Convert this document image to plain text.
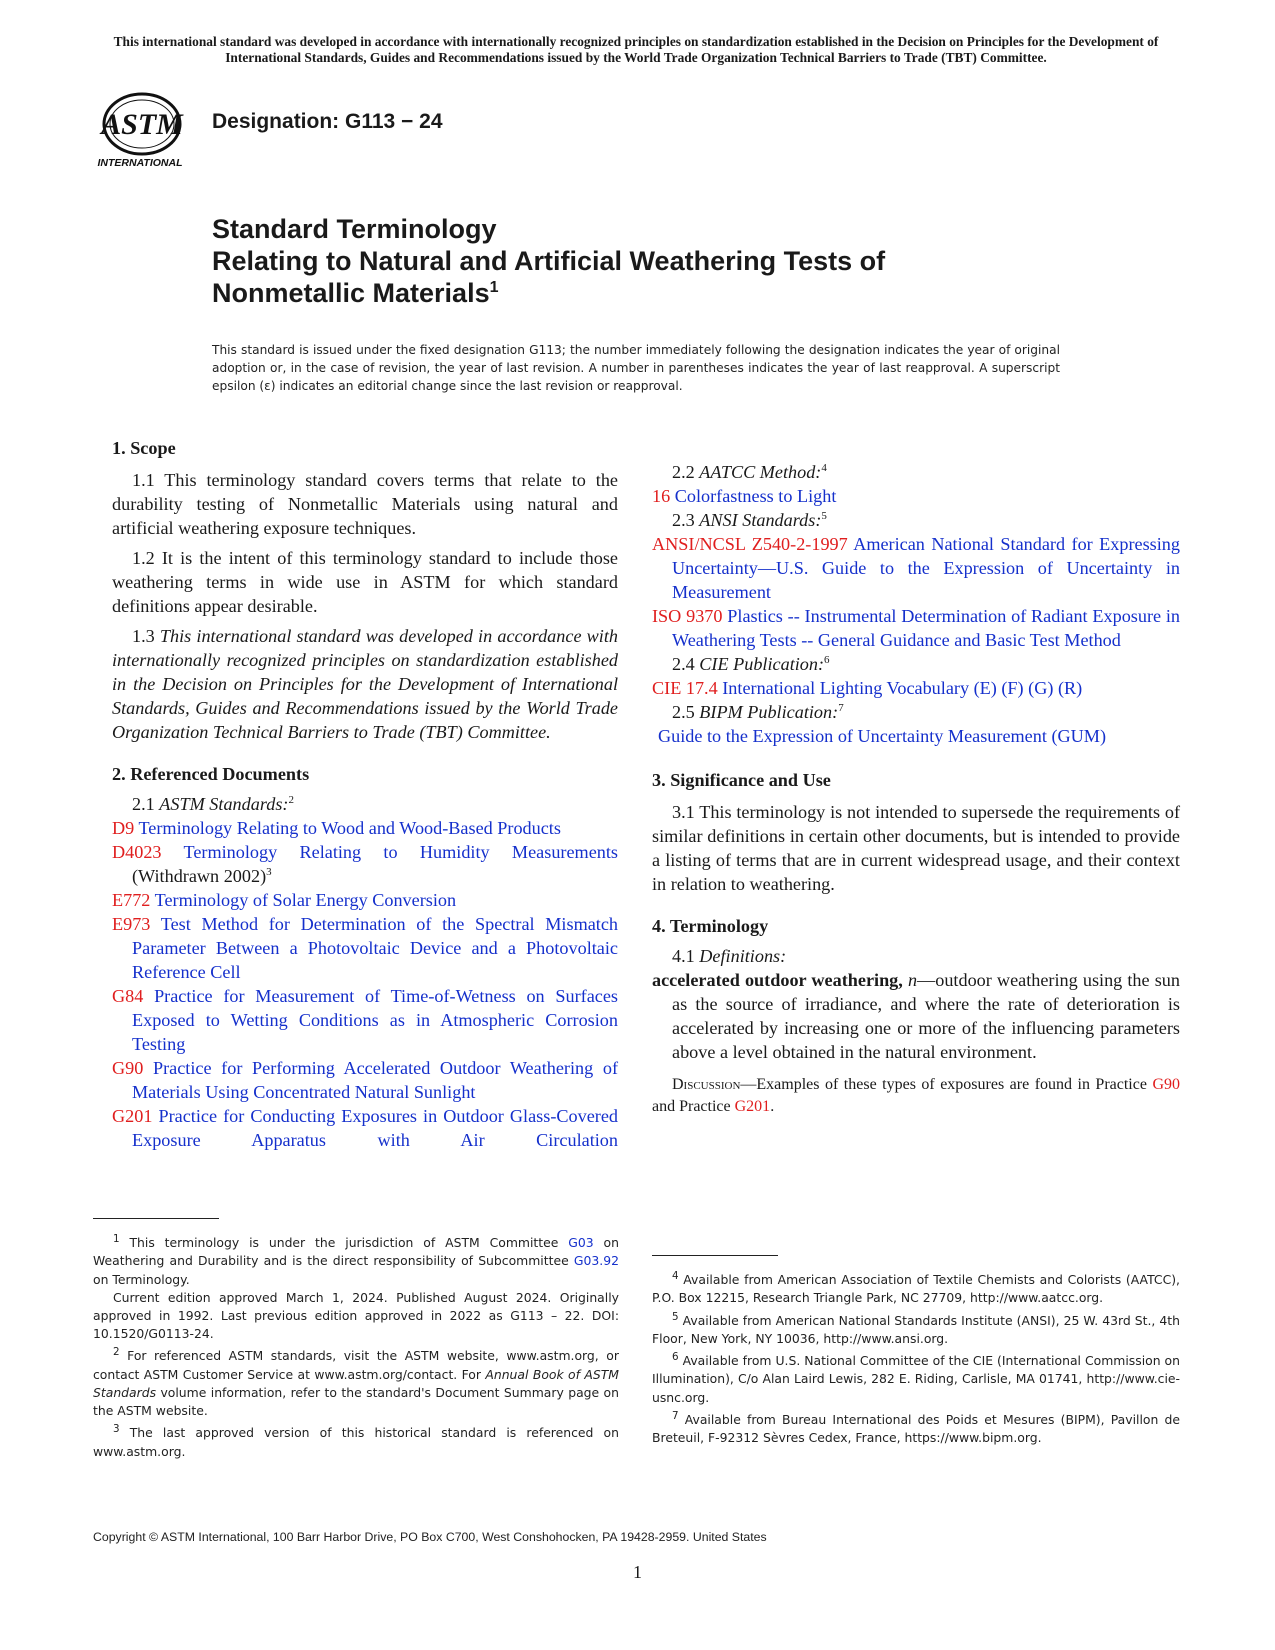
This international standard was developed in accordance with internationally recognized principles on standardization established in the Decision on Principles for the Development of International Standards, Guides and Recommendations issued by the World Trade Organization Technical Barriers to Trade (TBT) Committee.
ASTM
INTERNATIONAL
Designation: G113 − 24
Standard Terminology
Relating to Natural and Artificial Weathering Tests of
Nonmetallic Materials$^1$
This standard is issued under the fixed designation G113; the number immediately following the designation indicates the year of original adoption or, in the case of revision, the year of last revision. A number in parentheses indicates the year of last reapproval. A superscript epsilon (ε) indicates an editorial change since the last revision or reapproval.

1. Scope

1.1 This terminology standard covers terms that relate to the durability testing of Nonmetallic Materials using natural and artificial weathering exposure techniques.

1.2 It is the intent of this terminology standard to include those weathering terms in wide use in ASTM for which standard definitions appear desirable.

1.3 This international standard was developed in accordance with internationally recognized principles on standardization established in the Decision on Principles for the Development of International Standards, Guides and Recommendations issued by the World Trade Organization Technical Barriers to Trade (TBT) Committee.

2. Referenced Documents

2.1 ASTM Standards:$^2$

D9 Terminology Relating to Wood and Wood-Based Products

D4023 Terminology Relating to Humidity Measurements (Withdrawn 2002)$^3$

E772 Terminology of Solar Energy Conversion

E973 Test Method for Determination of the Spectral Mismatch Parameter Between a Photovoltaic Device and a Photovoltaic Reference Cell

G84 Practice for Measurement of Time-of-Wetness on Surfaces Exposed to Wetting Conditions as in Atmospheric Corrosion Testing

G90 Practice for Performing Accelerated Outdoor Weathering of Materials Using Concentrated Natural Sunlight

G201 Practice for Conducting Exposures in Outdoor Glass-Covered Exposure Apparatus with Air Circulation

2.2 AATCC Method:$^4$

16 Colorfastness to Light

2.3 ANSI Standards:$^5$

ANSI/NCSL Z540-2-1997 American National Standard for Expressing Uncertainty—U.S. Guide to the Expression of Uncertainty in Measurement

ISO 9370 Plastics -- Instrumental Determination of Radiant Exposure in Weathering Tests -- General Guidance and Basic Test Method

2.4 CIE Publication:$^6$

CIE 17.4 International Lighting Vocabulary (E) (F) (G) (R)

2.5 BIPM Publication:$^7$

Guide to the Expression of Uncertainty Measurement (GUM)

3. Significance and Use

3.1 This terminology is not intended to supersede the requirements of similar definitions in certain other documents, but is intended to provide a listing of terms that are in current widespread usage, and their context in relation to weathering.

4. Terminology

4.1 Definitions:

accelerated outdoor weathering, n—outdoor weathering using the sun as the source of irradiance, and where the rate of deterioration is accelerated by increasing one or more of the influencing parameters above a level obtained in the natural environment.

Discussion—Examples of these types of exposures are found in Practice G90 and Practice G201.

$^1$ This terminology is under the jurisdiction of ASTM Committee G03 on Weathering and Durability and is the direct responsibility of Subcommittee G03.92 on Terminology.

Current edition approved March 1, 2024. Published August 2024. Originally approved in 1992. Last previous edition approved in 2022 as G113 – 22. DOI: 10.1520/G0113-24.

$^2$ For referenced ASTM standards, visit the ASTM website, www.astm.org, or contact ASTM Customer Service at www.astm.org/contact. For Annual Book of ASTM Standards volume information, refer to the standard's Document Summary page on the ASTM website.

$^3$ The last approved version of this historical standard is referenced on www.astm.org.

$^4$ Available from American Association of Textile Chemists and Colorists (AATCC), P.O. Box 12215, Research Triangle Park, NC 27709, http://www.aatcc.org.

$^5$ Available from American National Standards Institute (ANSI), 25 W. 43rd St., 4th Floor, New York, NY 10036, http://www.ansi.org.

$^6$ Available from U.S. National Committee of the CIE (International Commission on Illumination), C/o Alan Laird Lewis, 282 E. Riding, Carlisle, MA 01741, http://www.cie-usnc.org.

$^7$ Available from Bureau International des Poids et Mesures (BIPM), Pavillon de Breteuil, F-92312 Sèvres Cedex, France, https://www.bipm.org.

Copyright © ASTM International, 100 Barr Harbor Drive, PO Box C700, West Conshohocken, PA 19428-2959. United States
1
